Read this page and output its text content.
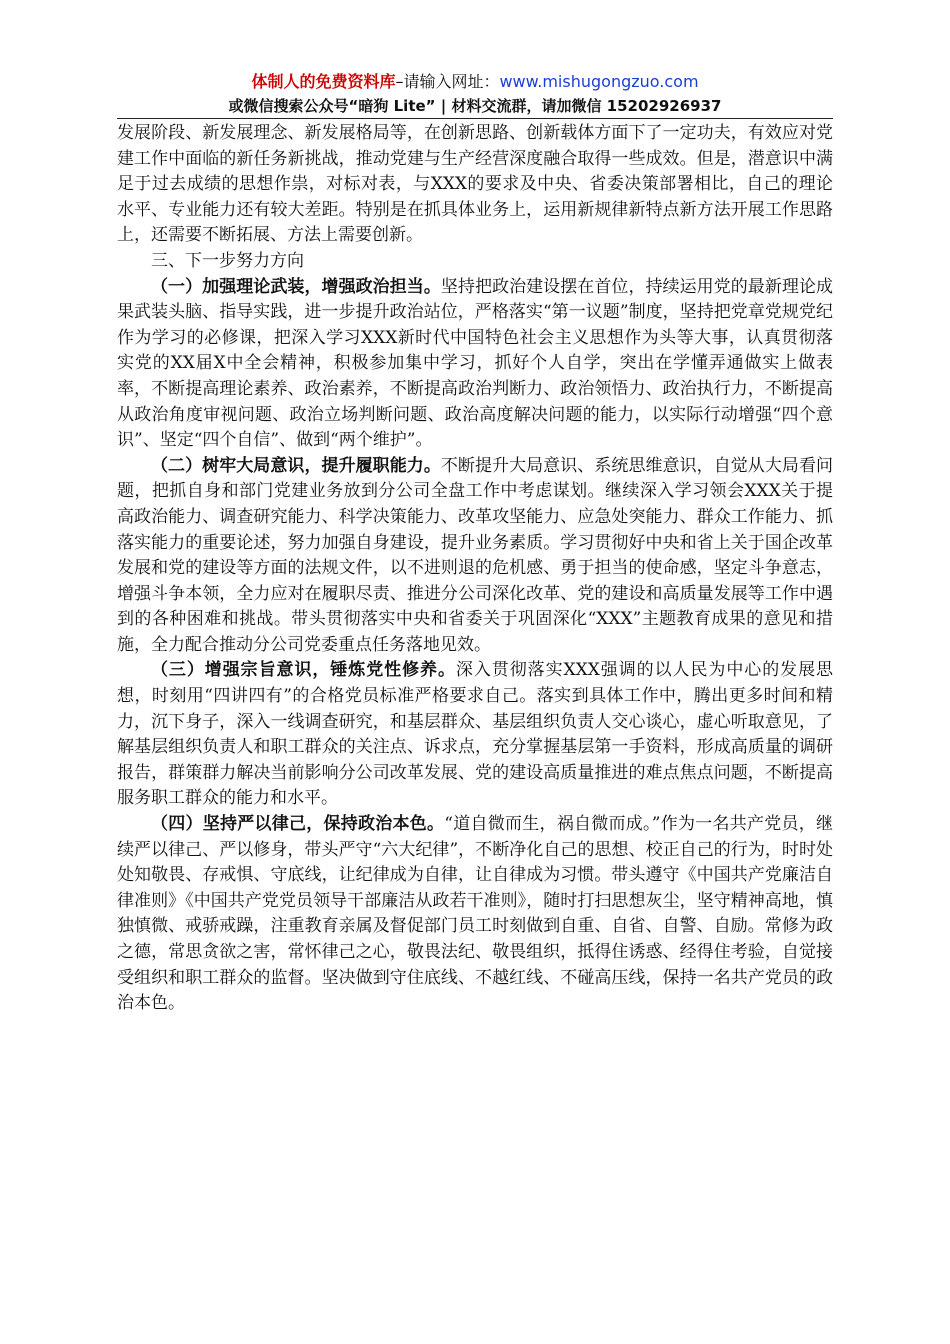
体制人的免费资料库–请输入网址：www.mishugongzuo.com
或微信搜索公众号“暗狗 Lite” | 材料交流群，请加微信 15202926937

发展阶段、新发展理念、新发展格局等，在创新思路、创新载体方面下了一定功夫，有效应对党建工作中面临的新任务新挑战，推动党建与生产经营深度融合取得一些成效。但是，潜意识中满足于过去成绩的思想作祟，对标对表，与XXX的要求及中央、省委决策部署相比，自己的理论水平、专业能力还有较大差距。特别是在抓具体业务上，运用新规律新特点新方法开展工作思路上，还需要不断拓展、方法上需要创新。

三、下一步努力方向

（一）加强理论武装，增强政治担当。坚持把政治建设摆在首位，持续运用党的最新理论成果武装头脑、指导实践，进一步提升政治站位，严格落实“第一议题”制度，坚持把党章党规党纪作为学习的必修课，把深入学习XXX新时代中国特色社会主义思想作为头等大事，认真贯彻落实党的XX届X中全会精神，积极参加集中学习，抓好个人自学，突出在学懂弄通做实上做表率，不断提高理论素养、政治素养，不断提高政治判断力、政治领悟力、政治执行力，不断提高从政治角度审视问题、政治立场判断问题、政治高度解决问题的能力，以实际行动增强“四个意识”、坚定“四个自信”、做到“两个维护”。

（二）树牢大局意识，提升履职能力。不断提升大局意识、系统思维意识，自觉从大局看问题，把抓自身和部门党建业务放到分公司全盘工作中考虑谋划。继续深入学习领会XXX关于提高政治能力、调查研究能力、科学决策能力、改革攻坚能力、应急处突能力、群众工作能力、抓落实能力的重要论述，努力加强自身建设，提升业务素质。学习贯彻好中央和省上关于国企改革发展和党的建设等方面的法规文件，以不进则退的危机感、勇于担当的使命感，坚定斗争意志，增强斗争本领，全力应对在履职尽责、推进分公司深化改革、党的建设和高质量发展等工作中遇到的各种困难和挑战。带头贯彻落实中央和省委关于巩固深化“XXX”主题教育成果的意见和措施，全力配合推动分公司党委重点任务落地见效。

（三）增强宗旨意识，锤炼党性修养。深入贯彻落实XXX强调的以人民为中心的发展思想，时刻用“四讲四有”的合格党员标准严格要求自己。落实到具体工作中，腾出更多时间和精力，沉下身子，深入一线调查研究，和基层群众、基层组织负责人交心谈心，虚心听取意见，了解基层组织负责人和职工群众的关注点、诉求点，充分掌握基层第一手资料，形成高质量的调研报告，群策群力解决当前影响分公司改革发展、党的建设高质量推进的难点焦点问题，不断提高服务职工群众的能力和水平。

（四）坚持严以律己，保持政治本色。“道自微而生，祸自微而成。”作为一名共产党员，继续严以律己、严以修身，带头严守“六大纪律”，不断净化自己的思想、校正自己的行为，时时处处知敬畏、存戒惧、守底线，让纪律成为自律，让自律成为习惯。带头遵守《中国共产党廉洁自律准则》《中国共产党党员领导干部廉洁从政若干准则》，随时打扫思想灰尘，坚守精神高地，慎独慎微、戒骄戒躁，注重教育亲属及督促部门员工时刻做到自重、自省、自警、自励。常修为政之德，常思贪欲之害，常怀律己之心，敬畏法纪、敬畏组织，抵得住诱惑、经得住考验，自觉接受组织和职工群众的监督。坚决做到守住底线、不越红线、不碰高压线，保持一名共产党员的政治本色。
